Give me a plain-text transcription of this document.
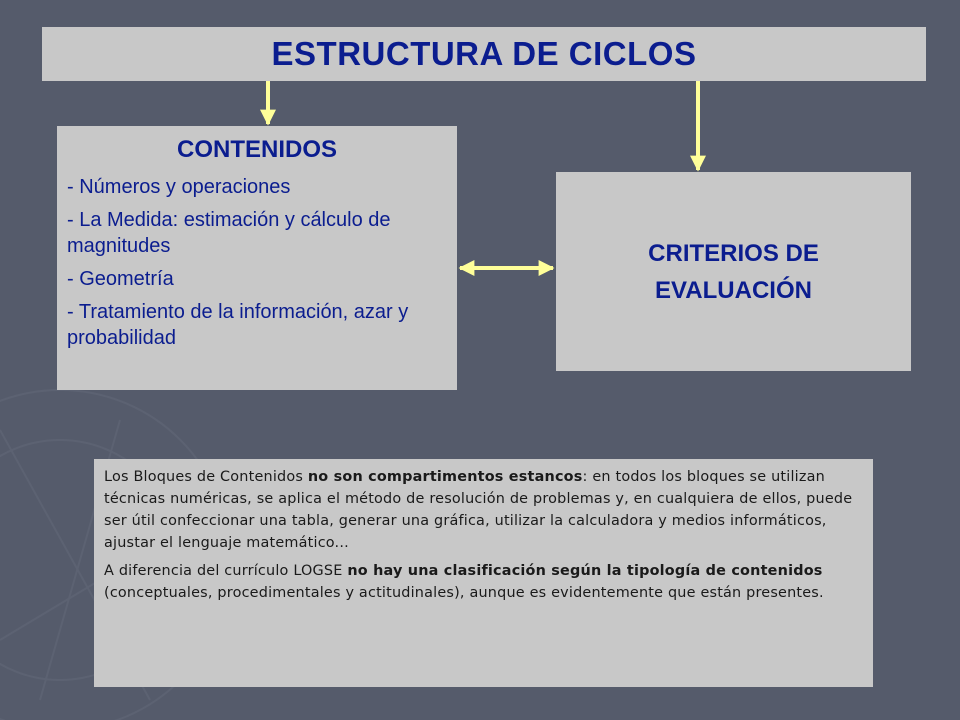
ESTRUCTURA DE CICLOS
CONTENIDOS
- Números y operaciones
- La Medida: estimación y cálculo de magnitudes
- Geometría
- Tratamiento de la información, azar y probabilidad
CRITERIOS DE
EVALUACIÓN

Los Bloques de Contenidos no son compartimentos estancos: en todos los bloques se utilizan técnicas numéricas, se aplica el método de resolución de problemas y, en cualquiera de ellos, puede ser útil confeccionar una tabla, generar una gráfica, utilizar la calculadora y medios informáticos, ajustar el lenguaje matemático...

A diferencia del currículo LOGSE no hay una clasificación según la tipología de contenidos (conceptuales, procedimentales y actitudinales), aunque es evidentemente que están presentes.
